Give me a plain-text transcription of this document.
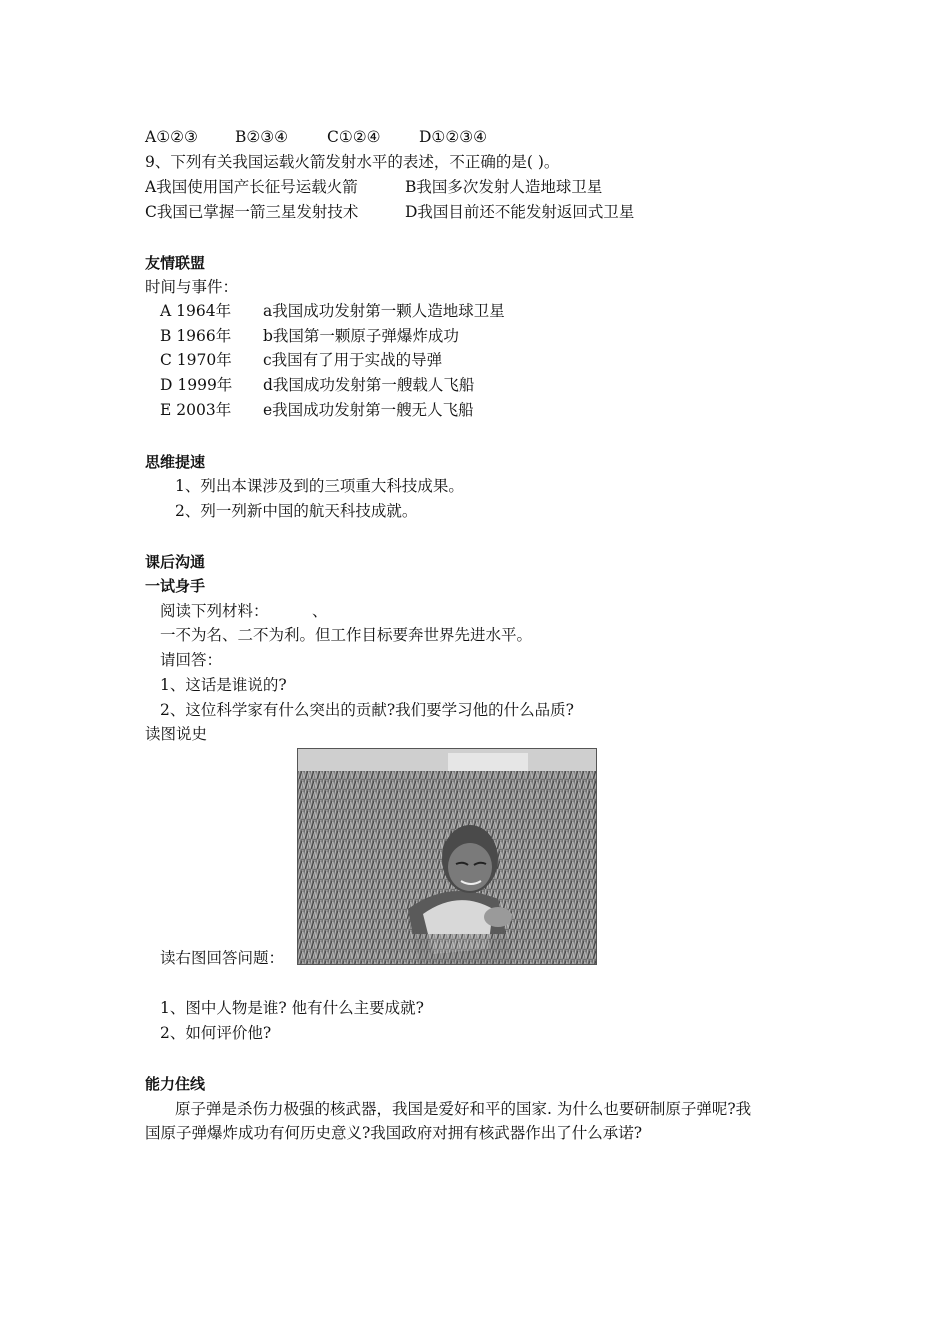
A①②③ B②③④	C①②④ D①②③④
9、下列有关我国运载火箭发射水平的表述，不正确的是( )。
A我国使用国产长征号运载火箭	B我国多次发射人造地球卫星
C我国已掌握一箭三星发射技术	D我国目前还不能发射返回式卫星
友情联盟
时间与事件：
A 1964年 a我国成功发射第一颗人造地球卫星
B 1966年 b我国第一颗原子弹爆炸成功
C 1970年 c我国有了用于实战的导弹
D 1999年 d我国成功发射第一艘载人飞船
E 2003年 e我国成功发射第一艘无人飞船
思维提速
1、列出本课涉及到的三项重大科技成果。
2、列一列新中国的航天科技成就。
课后沟通
一试身手
阅读下列材料：	、
一不为名、二不为利。但工作目标要奔世界先进水平。
请回答：
1、这话是谁说的?
2、这位科学家有什么突出的贡献?我们要学习他的什么品质?
读图说史
读右图回答问题：
1、图中人物是谁? 他有什么主要成就?
2、如何评价他?
能力住线
原子弹是杀伤力极强的核武器，我国是爱好和平的国家. 为什么也要研制原子弹呢?我
国原子弹爆炸成功有何历史意义?我国政府对拥有核武器作出了什么承诺?
